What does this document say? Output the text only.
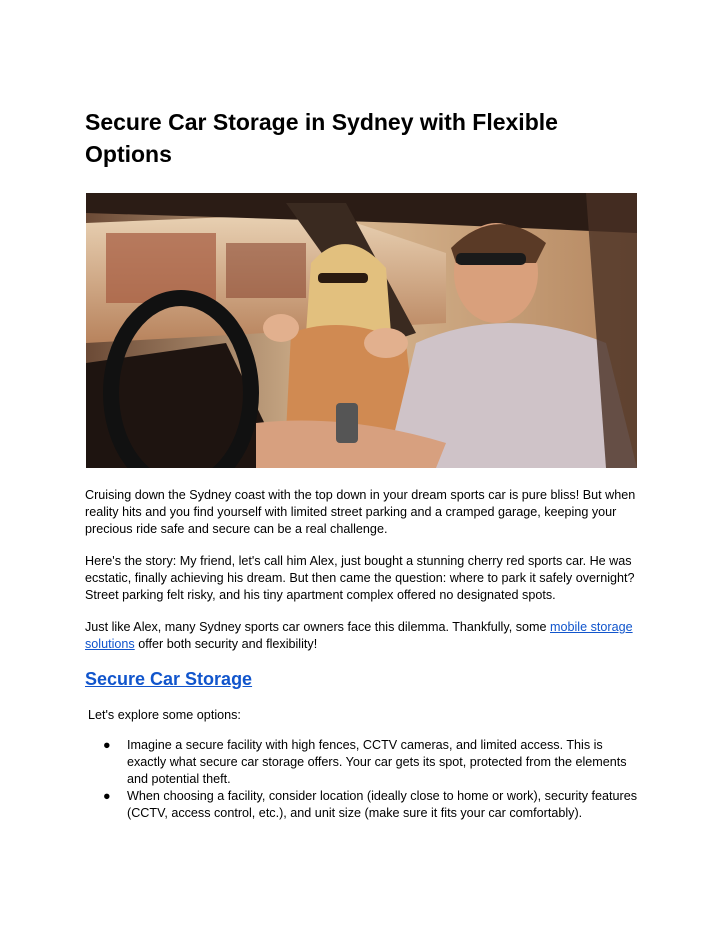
Secure Car Storage in Sydney with Flexible Options

Cruising down the Sydney coast with the top down in your dream sports car is pure bliss! But when reality hits and you find yourself with limited street parking and a cramped garage, keeping your precious ride safe and secure can be a real challenge.

Here's the story: My friend, let's call him Alex, just bought a stunning cherry red sports car. He was ecstatic, finally achieving his dream. But then came the question: where to park it safely overnight? Street parking felt risky, and his tiny apartment complex offered no designated spots.

Just like Alex, many Sydney sports car owners face this dilemma. Thankfully, some mobile storage solutions offer both security and flexibility!

Secure Car Storage

Let's explore some options:

● Imagine a secure facility with high fences, CCTV cameras, and limited access. This is exactly what secure car storage offers. Your car gets its spot, protected from the elements and potential theft.
● When choosing a facility, consider location (ideally close to home or work), security features (CCTV, access control, etc.), and unit size (make sure it fits your car comfortably).
